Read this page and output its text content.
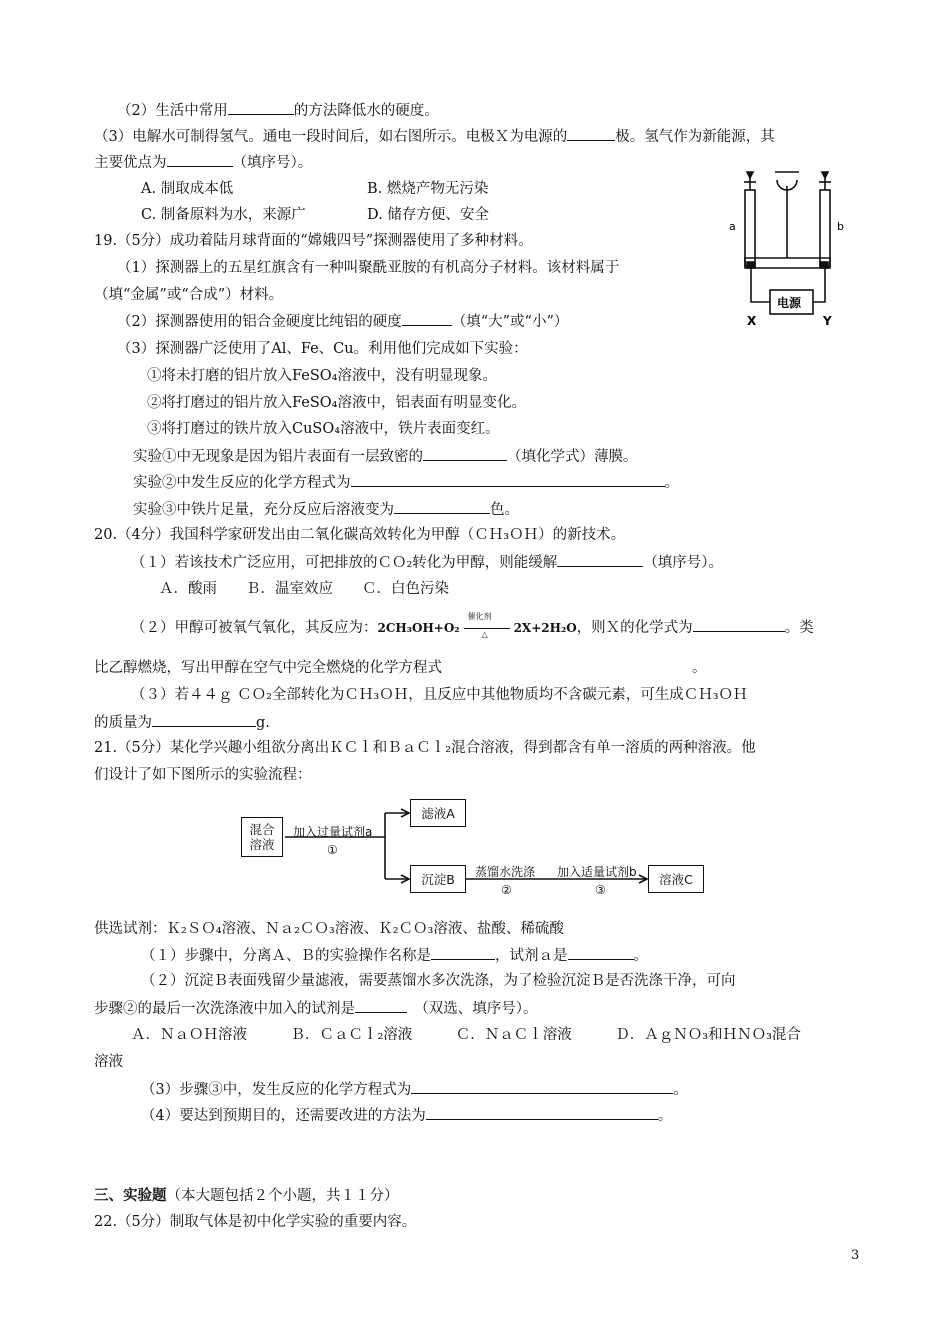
（2）生活中常用	的方法降低水的硬度。
（3）电解水可制得氢气。通电一段时间后，如右图所示。电极Ｘ为电源的	极。氢气作为新能源，其
主要优点为	（填序号）。
A. 制取成本低	B. 燃烧产物无污染
C. 制备原料为水，来源广	D. 储存方便、安全
a	b
X	Y
电源
19.（5分）成功着陆月球背面的“嫦娥四号”探测器使用了多种材料。
（1）探测器上的五星红旗含有一种叫聚酰亚胺的有机高分子材料。该材料属于
（填“金属”或“合成”）材料。
（2）探测器使用的铝合金硬度比纯铝的硬度	（填“大”或“小”）
（3）探测器广泛使用了Al、Fe、Cu。利用他们完成如下实验：
①将未打磨的铝片放入FeSO₄溶液中，没有明显现象。
②将打磨过的铝片放入FeSO₄溶液中，铝表面有明显变化。
③将打磨过的铁片放入CuSO₄溶液中，铁片表面变红。
实验①中无现象是因为铝片表面有一层致密的	（填化学式）薄膜。
实验②中发生反应的化学方程式为	。
实验③中铁片足量，充分反应后溶液变为	色。
20.（4分）我国科学家研发出由二氧化碳高效转化为甲醇（ＣＨ₃ＯＨ）的新技术。
（１）若该技术广泛应用，可把排放的ＣＯ₂转化为甲醇，则能缓解	（填序号）。
Ａ．酸雨　　Ｂ．温室效应　　Ｃ．白色污染
（２）甲醇可被氧气氧化，其反应为：2CH₃OH+O₂
催化剂
△ 2X+2H₂O，则Ｘ的化学式为	。类
比乙醇燃烧，写出甲醇在空气中完全燃烧的化学方程式	。
（３）若４４ｇ ＣＯ₂全部转化为ＣＨ₃ＯＨ，且反应中其他物质均不含碳元素，可生成ＣＨ₃ＯＨ
的质量为	g.
21.（5分）某化学兴趣小组欲分离出ＫＣｌ和ＢａＣｌ₂混合溶液，得到都含有单一溶质的两种溶液。他
们设计了如下图所示的实验流程：
混合
溶液
滤液A
沉淀B	溶液C
加入过量试剂a
①
蒸馏水洗涤
②
加入适量试剂b
③
供选试剂：Ｋ₂ＳＯ₄溶液、Ｎａ₂ＣＯ₃溶液、Ｋ₂ＣＯ₃溶液、盐酸、稀硫酸
（１）步骤中，分离Ａ、Ｂ的实验操作名称是	，试剂ａ是	。
（２）沉淀Ｂ表面残留少量滤液，需要蒸馏水多次洗涤，为了检验沉淀Ｂ是否洗涤干净，可向
步骤②的最后一次洗涤液中加入的试剂是	　（双选、填序号）。
Ａ．ＮａＯＨ溶液　　　Ｂ．ＣａＣｌ₂溶液　　　Ｃ．ＮａＣｌ溶液　　　Ｄ．ＡｇＮＯ₃和ＨＮＯ₃混合
溶液
（3）步骤③中，发生反应的化学方程式为	。
（4）要达到预期目的，还需要改进的方法为	。
三、实验题（本大题包括２个小题，共１１分）
22.（5分）制取气体是初中化学实验的重要内容。
3
